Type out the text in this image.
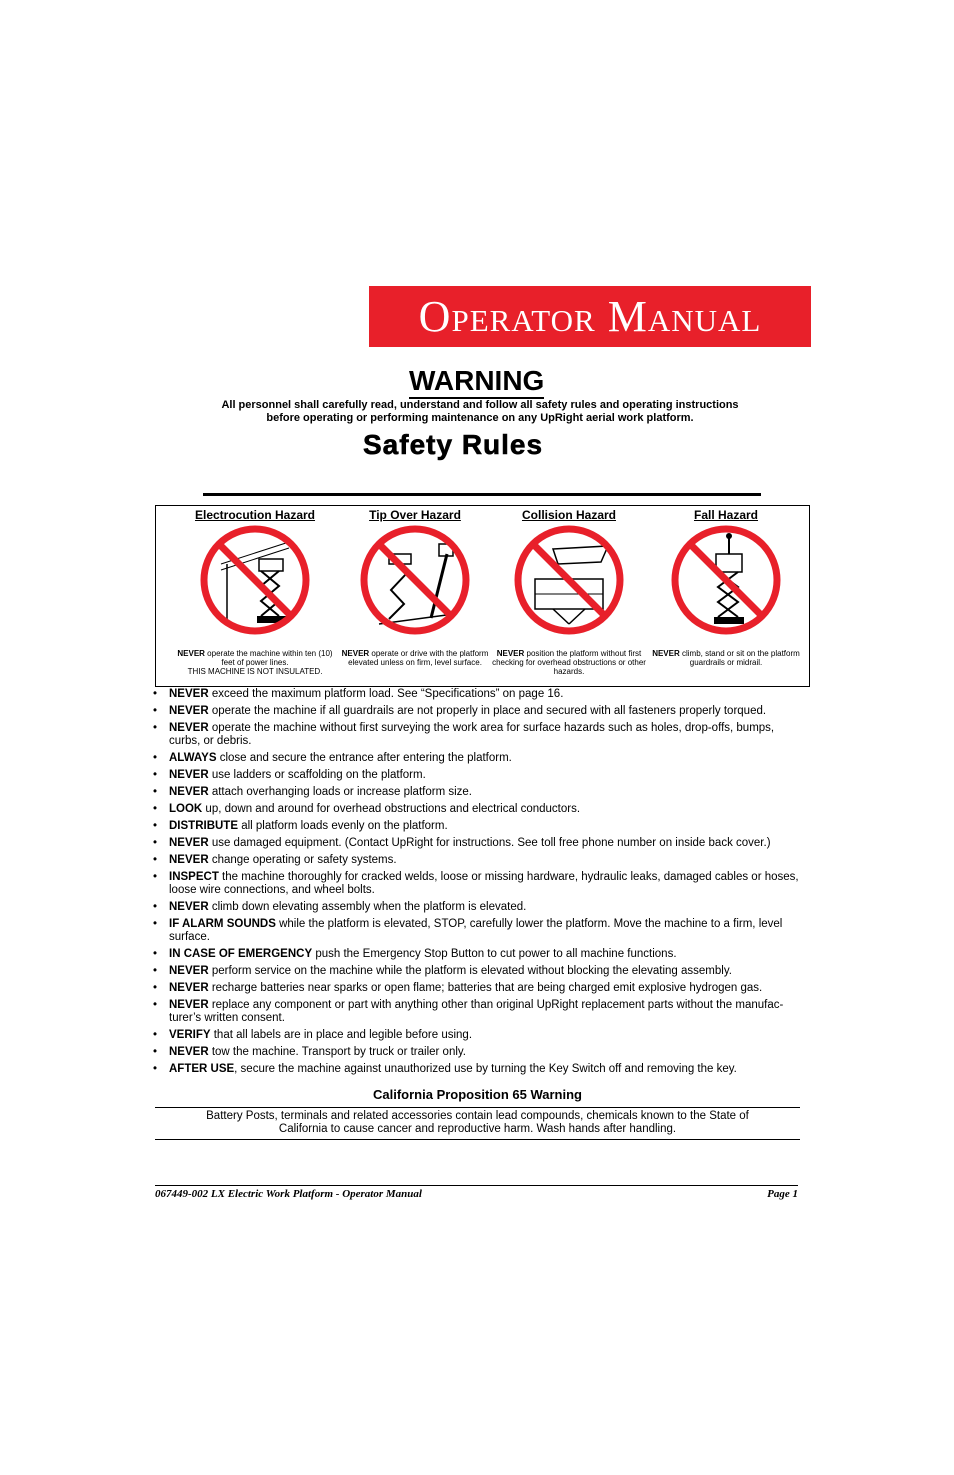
Operator Manual
WARNING
All personnel shall carefully read, understand and follow all safety rules and operating instructions
before operating or performing maintenance on any UpRight aerial work platform.
Safety Rules
Electrocution Hazard
NEVER operate the machine within ten (10) feet of power lines.
THIS MACHINE IS NOT INSULATED.
Tip Over Hazard
NEVER operate or drive with the platform elevated unless on firm, level surface.
Collision Hazard
NEVER position the platform without first checking for overhead obstructions or other hazards.
Fall Hazard
NEVER climb, stand or sit on the platform guardrails or midrail.
• NEVER exceed the maximum platform load. See “Specifications” on page 16.
• NEVER operate the machine if all guardrails are not properly in place and secured with all fasteners properly torqued.
• NEVER operate the machine without first surveying the work area for surface hazards such as holes, drop-offs, bumps, curbs, or debris.
• ALWAYS close and secure the entrance after entering the platform.
• NEVER use ladders or scaffolding on the platform.
• NEVER attach overhanging loads or increase platform size.
• LOOK up, down and around for overhead obstructions and electrical conductors.
• DISTRIBUTE all platform loads evenly on the platform.
• NEVER use damaged equipment. (Contact UpRight for instructions. See toll free phone number on inside back cover.)
• NEVER change operating or safety systems.
• INSPECT the machine thoroughly for cracked welds, loose or missing hardware, hydraulic leaks, damaged cables or hoses, loose wire connections, and wheel bolts.
• NEVER climb down elevating assembly when the platform is elevated.
• IF ALARM SOUNDS while the platform is elevated, STOP, carefully lower the platform. Move the machine to a firm, level surface.
• IN CASE OF EMERGENCY push the Emergency Stop Button to cut power to all machine functions.
• NEVER perform service on the machine while the platform is elevated without blocking the elevating assembly.
• NEVER recharge batteries near sparks or open flame; batteries that are being charged emit explosive hydrogen gas.
• NEVER replace any component or part with anything other than original UpRight replacement parts without the manufac-turer’s written consent.
• VERIFY that all labels are in place and legible before using.
• NEVER tow the machine. Transport by truck or trailer only.
• AFTER USE, secure the machine against unauthorized use by turning the Key Switch off and removing the key.
California Proposition 65 Warning
Battery Posts, terminals and related accessories contain lead compounds, chemicals known to the State of
California to cause cancer and reproductive harm. Wash hands after handling.
067449-002 LX Electric Work Platform - Operator Manual	Page 1
